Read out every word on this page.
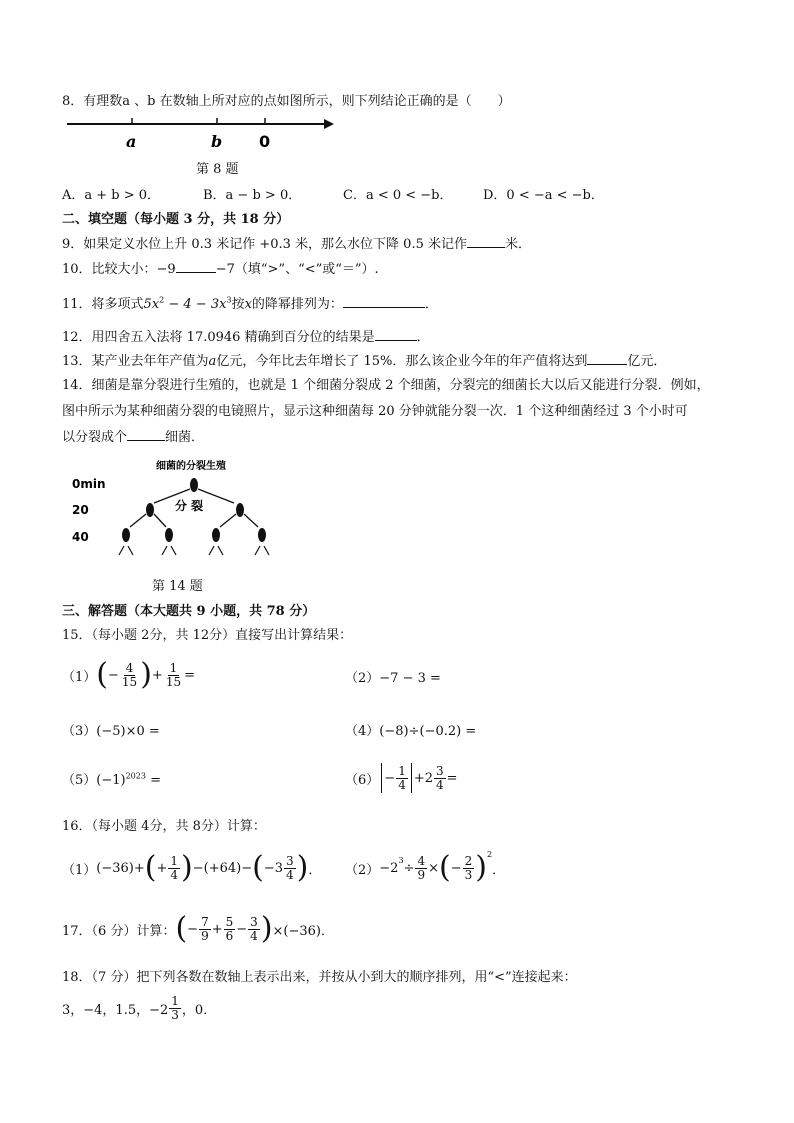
8．有理数a 、b 在数轴上所对应的点如图所示，则下列结论正确的是（　　）
a	b 0
第 8 题
A．a + b > 0．	B．a − b > 0．	C．a < 0 < −b． D．0 < −a < −b．
二、填空题（每小题 3 分，共 18 分）
9．如果定义水位上升 0.3 米记作 +0.3 米，那么水位下降 0.5 米记作	米．
10．比较大小：−9	−7（填“>”、“<”或“＝”）.
11．将多项式$5x^2 - 4 - 3x^3$按x的降幂排列为：	．
12．用四舍五入法将 17.0946 精确到百分位的结果是	．
13．某产业去年年产值为a亿元，今年比去年增长了 15%．那么该企业今年的年产值将达到	亿元．
14．细菌是靠分裂进行生殖的，也就是 1 个细菌分裂成 2 个细菌，分裂完的细菌长大以后又能进行分裂．例如，
图中所示为某种细菌分裂的电镜照片，显示这种细菌每 20 分钟就能分裂一次．1 个这种细菌经过 3 个小时可
以分裂成个	细菌．
细菌的分裂生殖
0min
20
40
分 裂
第 14 题
三、解答题（本大题共 9 小题，共 78 分）
15．（每小题 2分，共 12分）直接写出计算结果：
（1） ( − $\frac{4}{15}$ ) + $\frac{1}{15}$ =	（2）−7 − 3 =
（3）(−5)×0 =	（4）(−8)÷(−0.2) =
$(5)(-1)^{2023}$ =	$(6) - \frac{1}{4} + 2 \frac{3}{4}$ =
16．（每小题 4分，共 8分）计算：
（1） (−36)+ ( + $\frac{1}{4}$ ) −(+64)− ( $-3 \frac{3}{4}$ ) ． $(2) -2^3 \div \frac{4}{9}$ × ( − $\frac{2}{3} )^2$
．
17．（6 分）计算： ( − $\frac{7}{9} + \frac{5}{6} - \frac{3}{4}$ ) ×(−36)．
18．（7 分）把下列各数在数轴上表示出来，并按从小到大的顺序排列，用“<”连接起来：
3，−4，1.5，$-2 \frac{1}{3}$ ，0．
